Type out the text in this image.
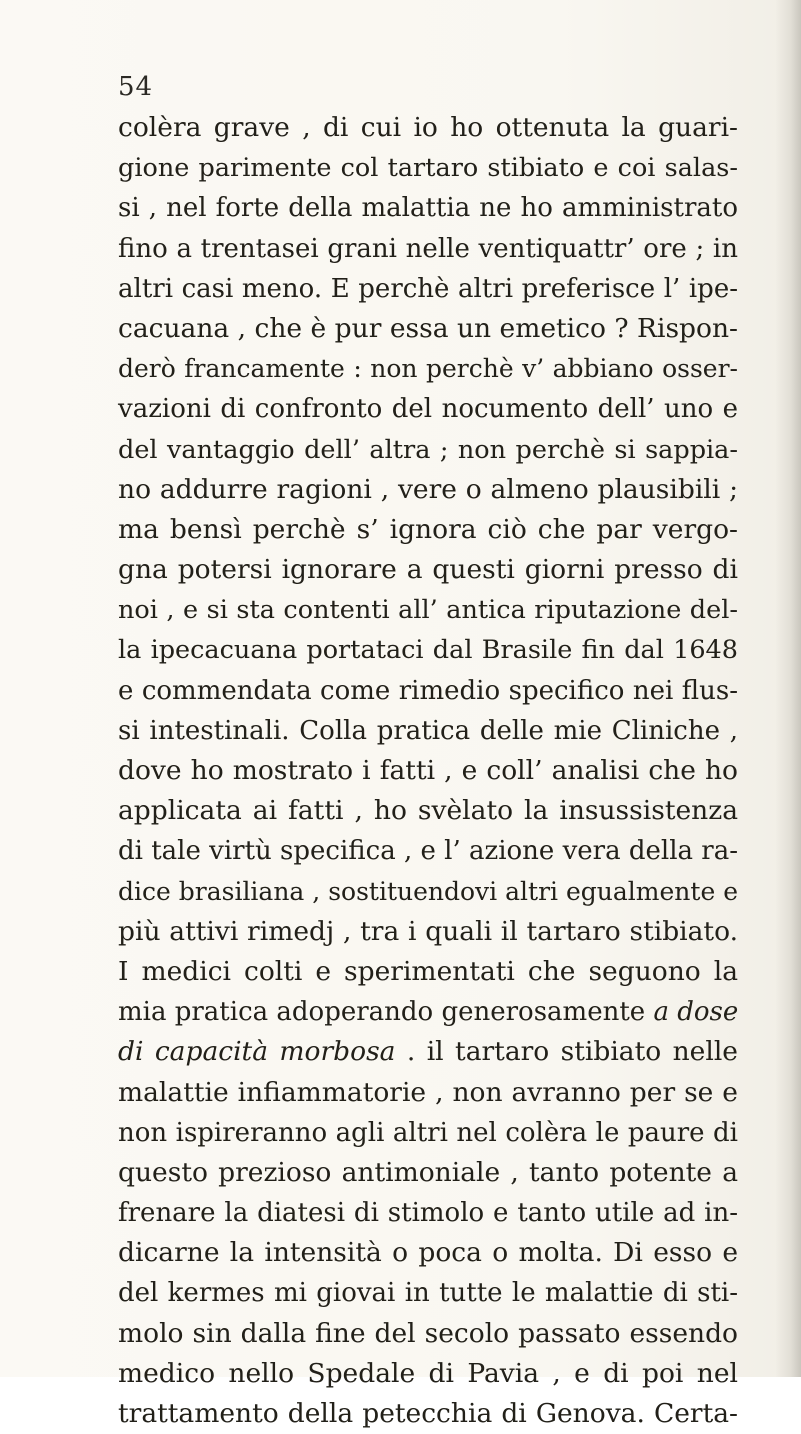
54
colèra grave , di cui io ho ottenuta la guari-
gione parimente col tartaro stibiato e coi salas-
si , nel forte della malattia ne ho amministrato
fino a trentasei grani nelle ventiquattr’ ore ; in
altri casi meno. E perchè altri preferisce l’ ipe-
cacuana , che è pur essa un emetico ? Rispon-
derò francamente : non perchè v’ abbiano osser-
vazioni di confronto del nocumento dell’ uno e
del vantaggio dell’ altra ; non perchè si sappia-
no addurre ragioni , vere o almeno plausibili ;
ma bensì perchè s’ ignora ciò che par vergo-
gna potersi ignorare a questi giorni presso di
noi , e si sta contenti all’ antica riputazione del-
la ipecacuana portataci dal Brasile fin dal 1648
e commendata come rimedio specifico nei flus-
si intestinali. Colla pratica delle mie Cliniche ,
dove ho mostrato i fatti , e coll’ analisi che ho
applicata ai fatti , ho svèlato la insussistenza
di tale virtù specifica , e l’ azione vera della ra-
dice brasiliana , sostituendovi altri egualmente e
più attivi rimedj , tra i quali il tartaro stibiato.
I medici colti e sperimentati che seguono la
mia pratica adoperando generosamente a dose
di capacità morbosa . il tartaro stibiato nelle
malattie infiammatorie , non avranno per se e
non ispireranno agli altri nel colèra le paure di
questo prezioso antimoniale , tanto potente a
frenare la diatesi di stimolo e tanto utile ad in-
dicarne la intensità o poca o molta. Di esso e
del kermes mi giovai in tutte le malattie di sti-
molo sin dalla fine del secolo passato essendo
medico nello Spedale di Pavia , e di poi nel
trattamento della petecchia di Genova. Certa-
